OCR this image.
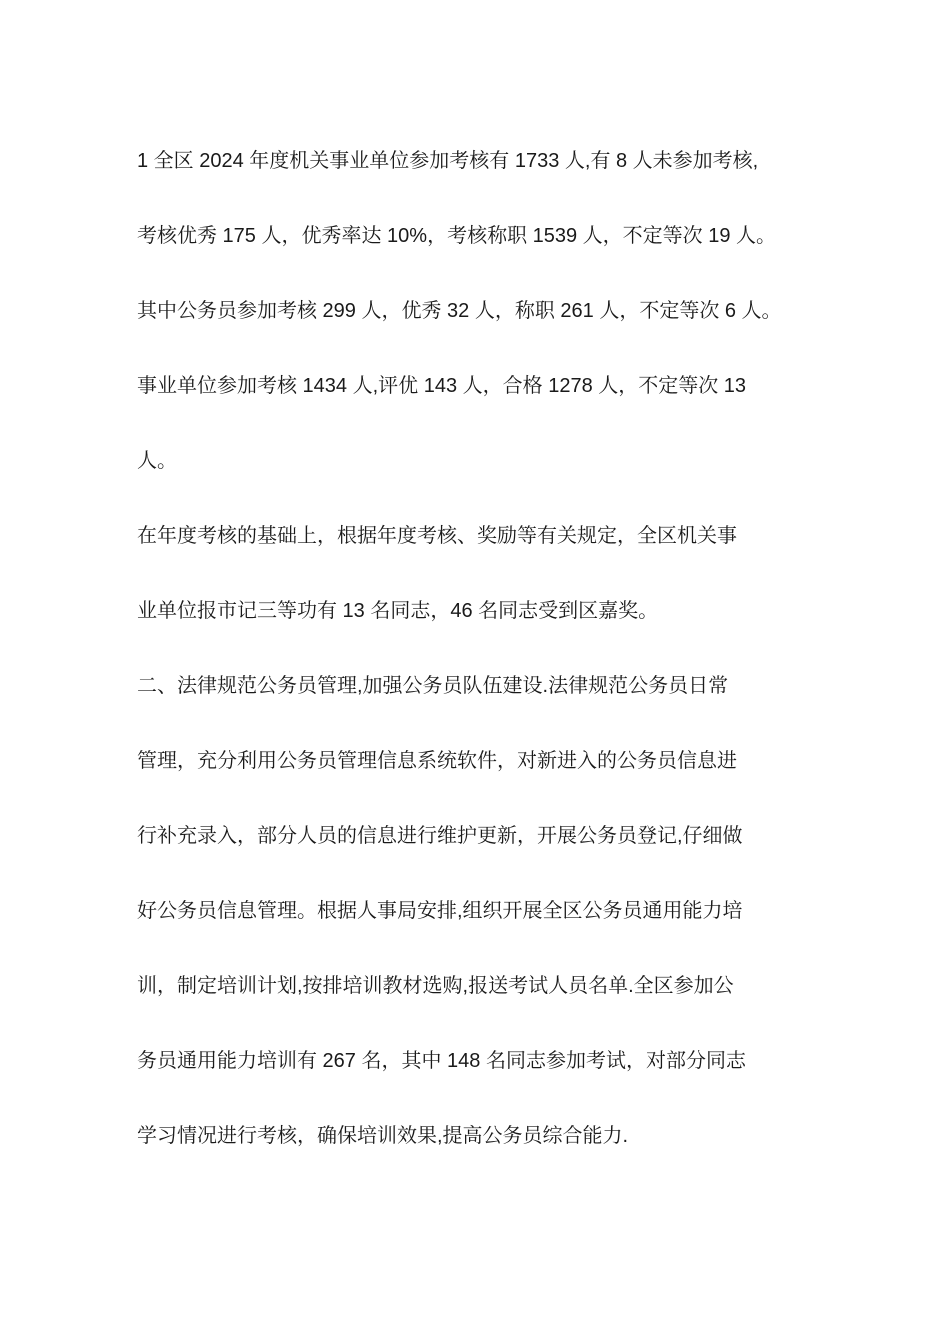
1 全区 2024 年度机关事业单位参加考核有 1733 人,有 8 人未参加考核,
考核优秀 175 人，优秀率达 10%，考核称职 1539 人，不定等次 19 人。
其中公务员参加考核 299 人，优秀 32 人，称职 261 人，不定等次 6 人。
事业单位参加考核 1434 人,评优 143 人，合格 1278 人，不定等次 13
人。
在年度考核的基础上，根据年度考核、奖励等有关规定，全区机关事
业单位报市记三等功有 13 名同志，46 名同志受到区嘉奖。
二、法律规范公务员管理,加强公务员队伍建设.法律规范公务员日常
管理，充分利用公务员管理信息系统软件，对新进入的公务员信息进
行补充录入，部分人员的信息进行维护更新，开展公务员登记,仔细做
好公务员信息管理。根据人事局安排,组织开展全区公务员通用能力培
训，制定培训计划,按排培训教材选购,报送考试人员名单.全区参加公
务员通用能力培训有 267 名，其中 148 名同志参加考试，对部分同志
学习情况进行考核，确保培训效果,提高公务员综合能力.
